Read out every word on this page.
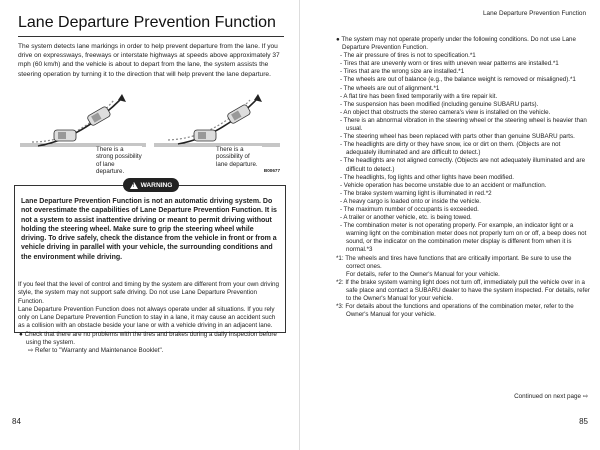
Lane Departure Prevention Function
The system detects lane markings in order to help prevent departure from the lane. If you drive on expressways, freeways or interstate highways at speeds above approximately 37 mph (60 km/h) and the vehicle is about to depart from the lane, the system assists the steering operation by turning it to the direction that will help prevent the lane departure.
There is a strong possibility of lane departure.
There is a possibility of lane departure.
B00677
! WARNING
Lane Departure Prevention Function is not an automatic driving system. Do not overestimate the capabilities of Lane Departure Prevention Function. It is not a system to assist inattentive driving or meant to permit driving without holding the steering wheel. Make sure to grip the steering wheel while driving. To drive safely, check the distance from the vehicle in front or from a vehicle driving in parallel with your vehicle, the surrounding conditions and the environment while driving.

If you feel that the level of control and timing by the system are different from your own driving style, the system may not support safe driving. Do not use Lane Departure Prevention Function.

Lane Departure Prevention Function does not always operate under all situations. If you rely only on Lane Departure Prevention Function to stay in a lane, it may cause an accident such as a collision with an obstacle beside your lane or with a vehicle driving in an adjacent lane.

● Check that there are no problems with the tires and brakes during a daily inspection before using the system.

⇨ Refer to "Warranty and Maintenance Booklet".

84
Lane Departure Prevention Function

● The system may not operate properly under the following conditions. Do not use Lane Departure Prevention Function.

- The air pressure of tires is not to specification.*1

- Tires that are unevenly worn or tires with uneven wear patterns are installed.*1

- Tires that are the wrong size are installed.*1

- The wheels are out of balance (e.g., the balance weight is removed or misaligned).*1

- The wheels are out of alignment.*1

- A flat tire has been fixed temporarily with a tire repair kit.

- The suspension has been modified (including genuine SUBARU parts).

- An object that obstructs the stereo camera's view is installed on the vehicle.

- There is an abnormal vibration in the steering wheel or the steering wheel is heavier than usual.

- The steering wheel has been replaced with parts other than genuine SUBARU parts.

- The headlights are dirty or they have snow, ice or dirt on them. (Objects are not adequately illuminated and are difficult to detect.)

- The headlights are not aligned correctly. (Objects are not adequately illuminated and are difficult to detect.)

- The headlights, fog lights and other lights have been modified.

- Vehicle operation has become unstable due to an accident or malfunction.

- The brake system warning light is illuminated in red.*2

- A heavy cargo is loaded onto or inside the vehicle.

- The maximum number of occupants is exceeded.

- A trailer or another vehicle, etc. is being towed.

- The combination meter is not operating properly. For example, an indicator light or a warning light on the combination meter does not properly turn on or off, a beep does not sound, or the indicator on the combination meter display is different from when it is normal.*3

*1: The wheels and tires have functions that are critically important. Be sure to use the correct ones.

For details, refer to the Owner's Manual for your vehicle.

*2: If the brake system warning light does not turn off, immediately pull the vehicle over in a safe place and contact a SUBARU dealer to have the system inspected. For details, refer to the Owner's Manual for your vehicle.

*3: For details about the functions and operations of the combination meter, refer to the Owner's Manual for your vehicle.

Continued on next page ⇨
85
